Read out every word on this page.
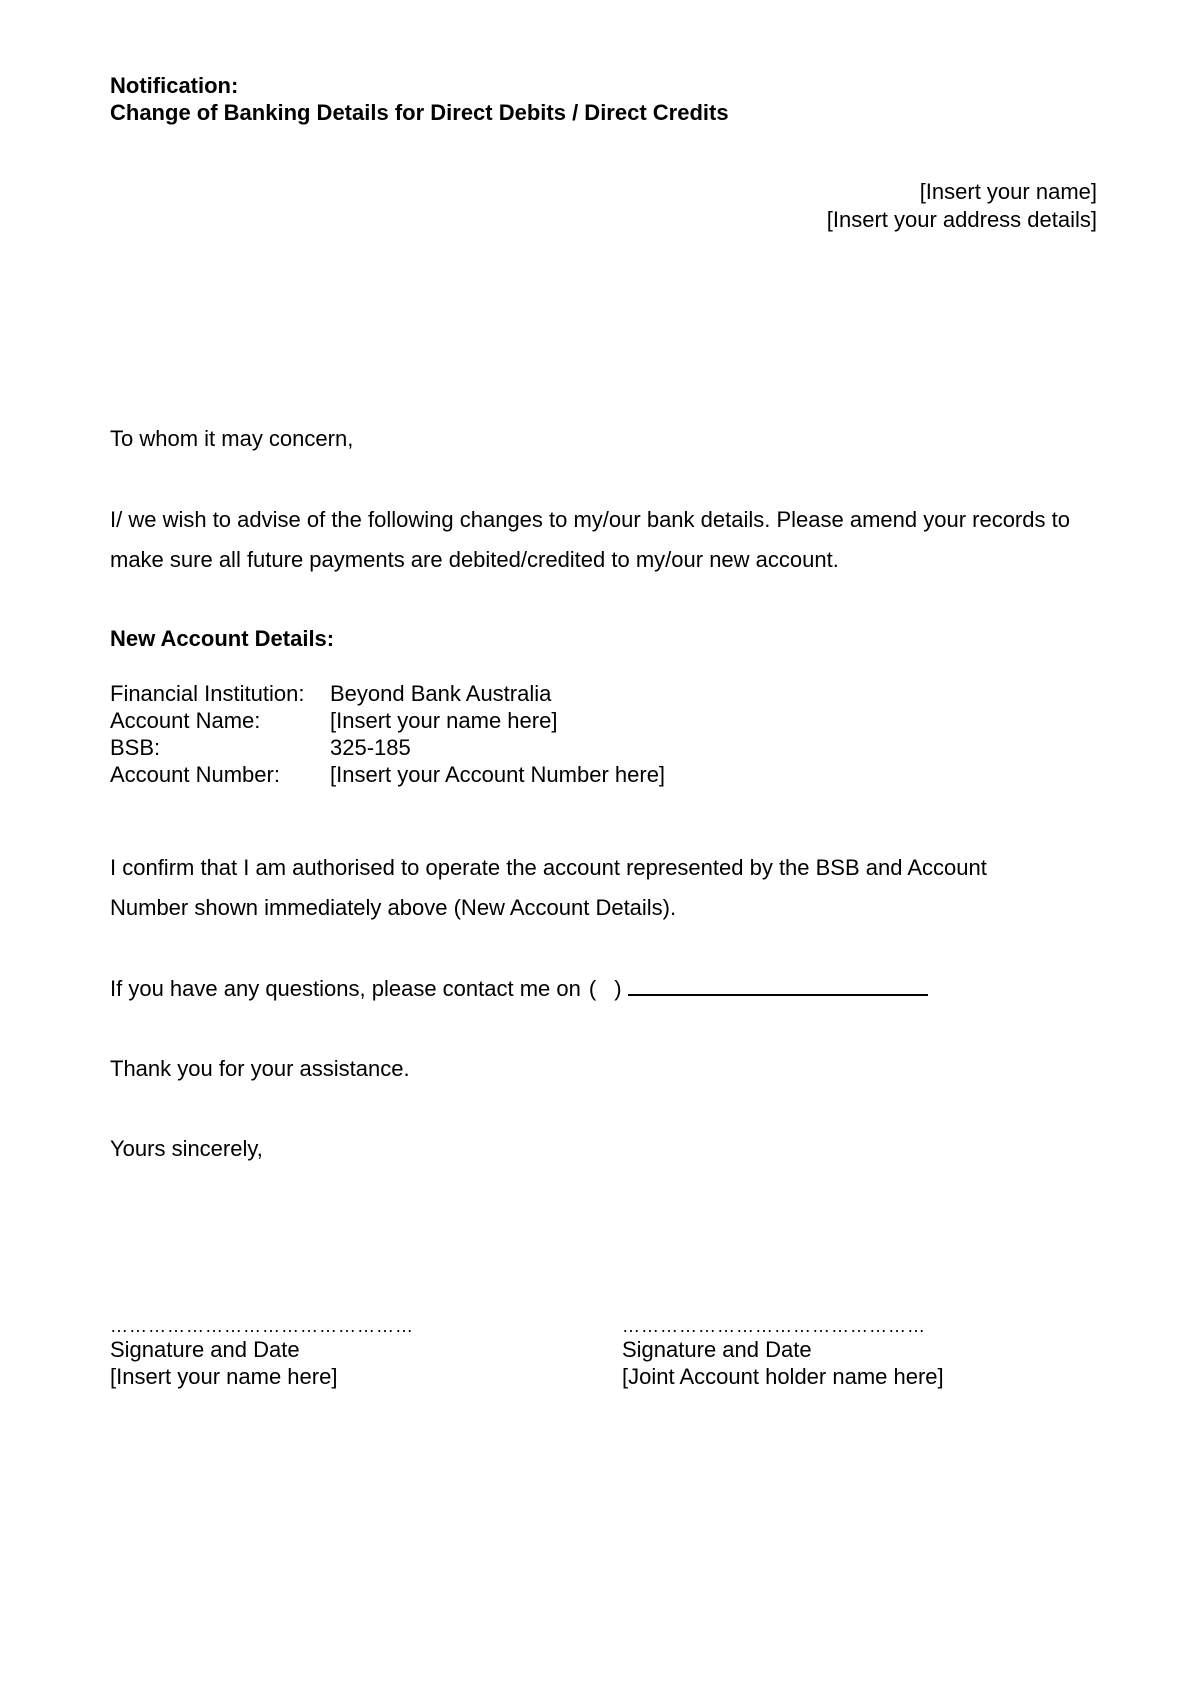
Notification:
Change of Banking Details for Direct Debits / Direct Credits
[Insert your name]
[Insert your address details]
To whom it may concern,
I/ we wish to advise of the following changes to my/our bank details. Please amend your records to make sure all future payments are debited/credited to my/our new account.
New Account Details:
Financial Institution:	Beyond Bank Australia
Account Name:	[Insert your name here]
BSB:	325-185
Account Number:	[Insert your Account Number here]
I confirm that I am authorised to operate the account represented by the BSB and Account Number shown immediately above (New Account Details).
If you have any questions, please contact me on ( )
Thank you for your assistance.
Yours sincerely,
…………………………………………
Signature and Date
[Insert your name here]
…………………………………………
Signature and Date
[Joint Account holder name here]
